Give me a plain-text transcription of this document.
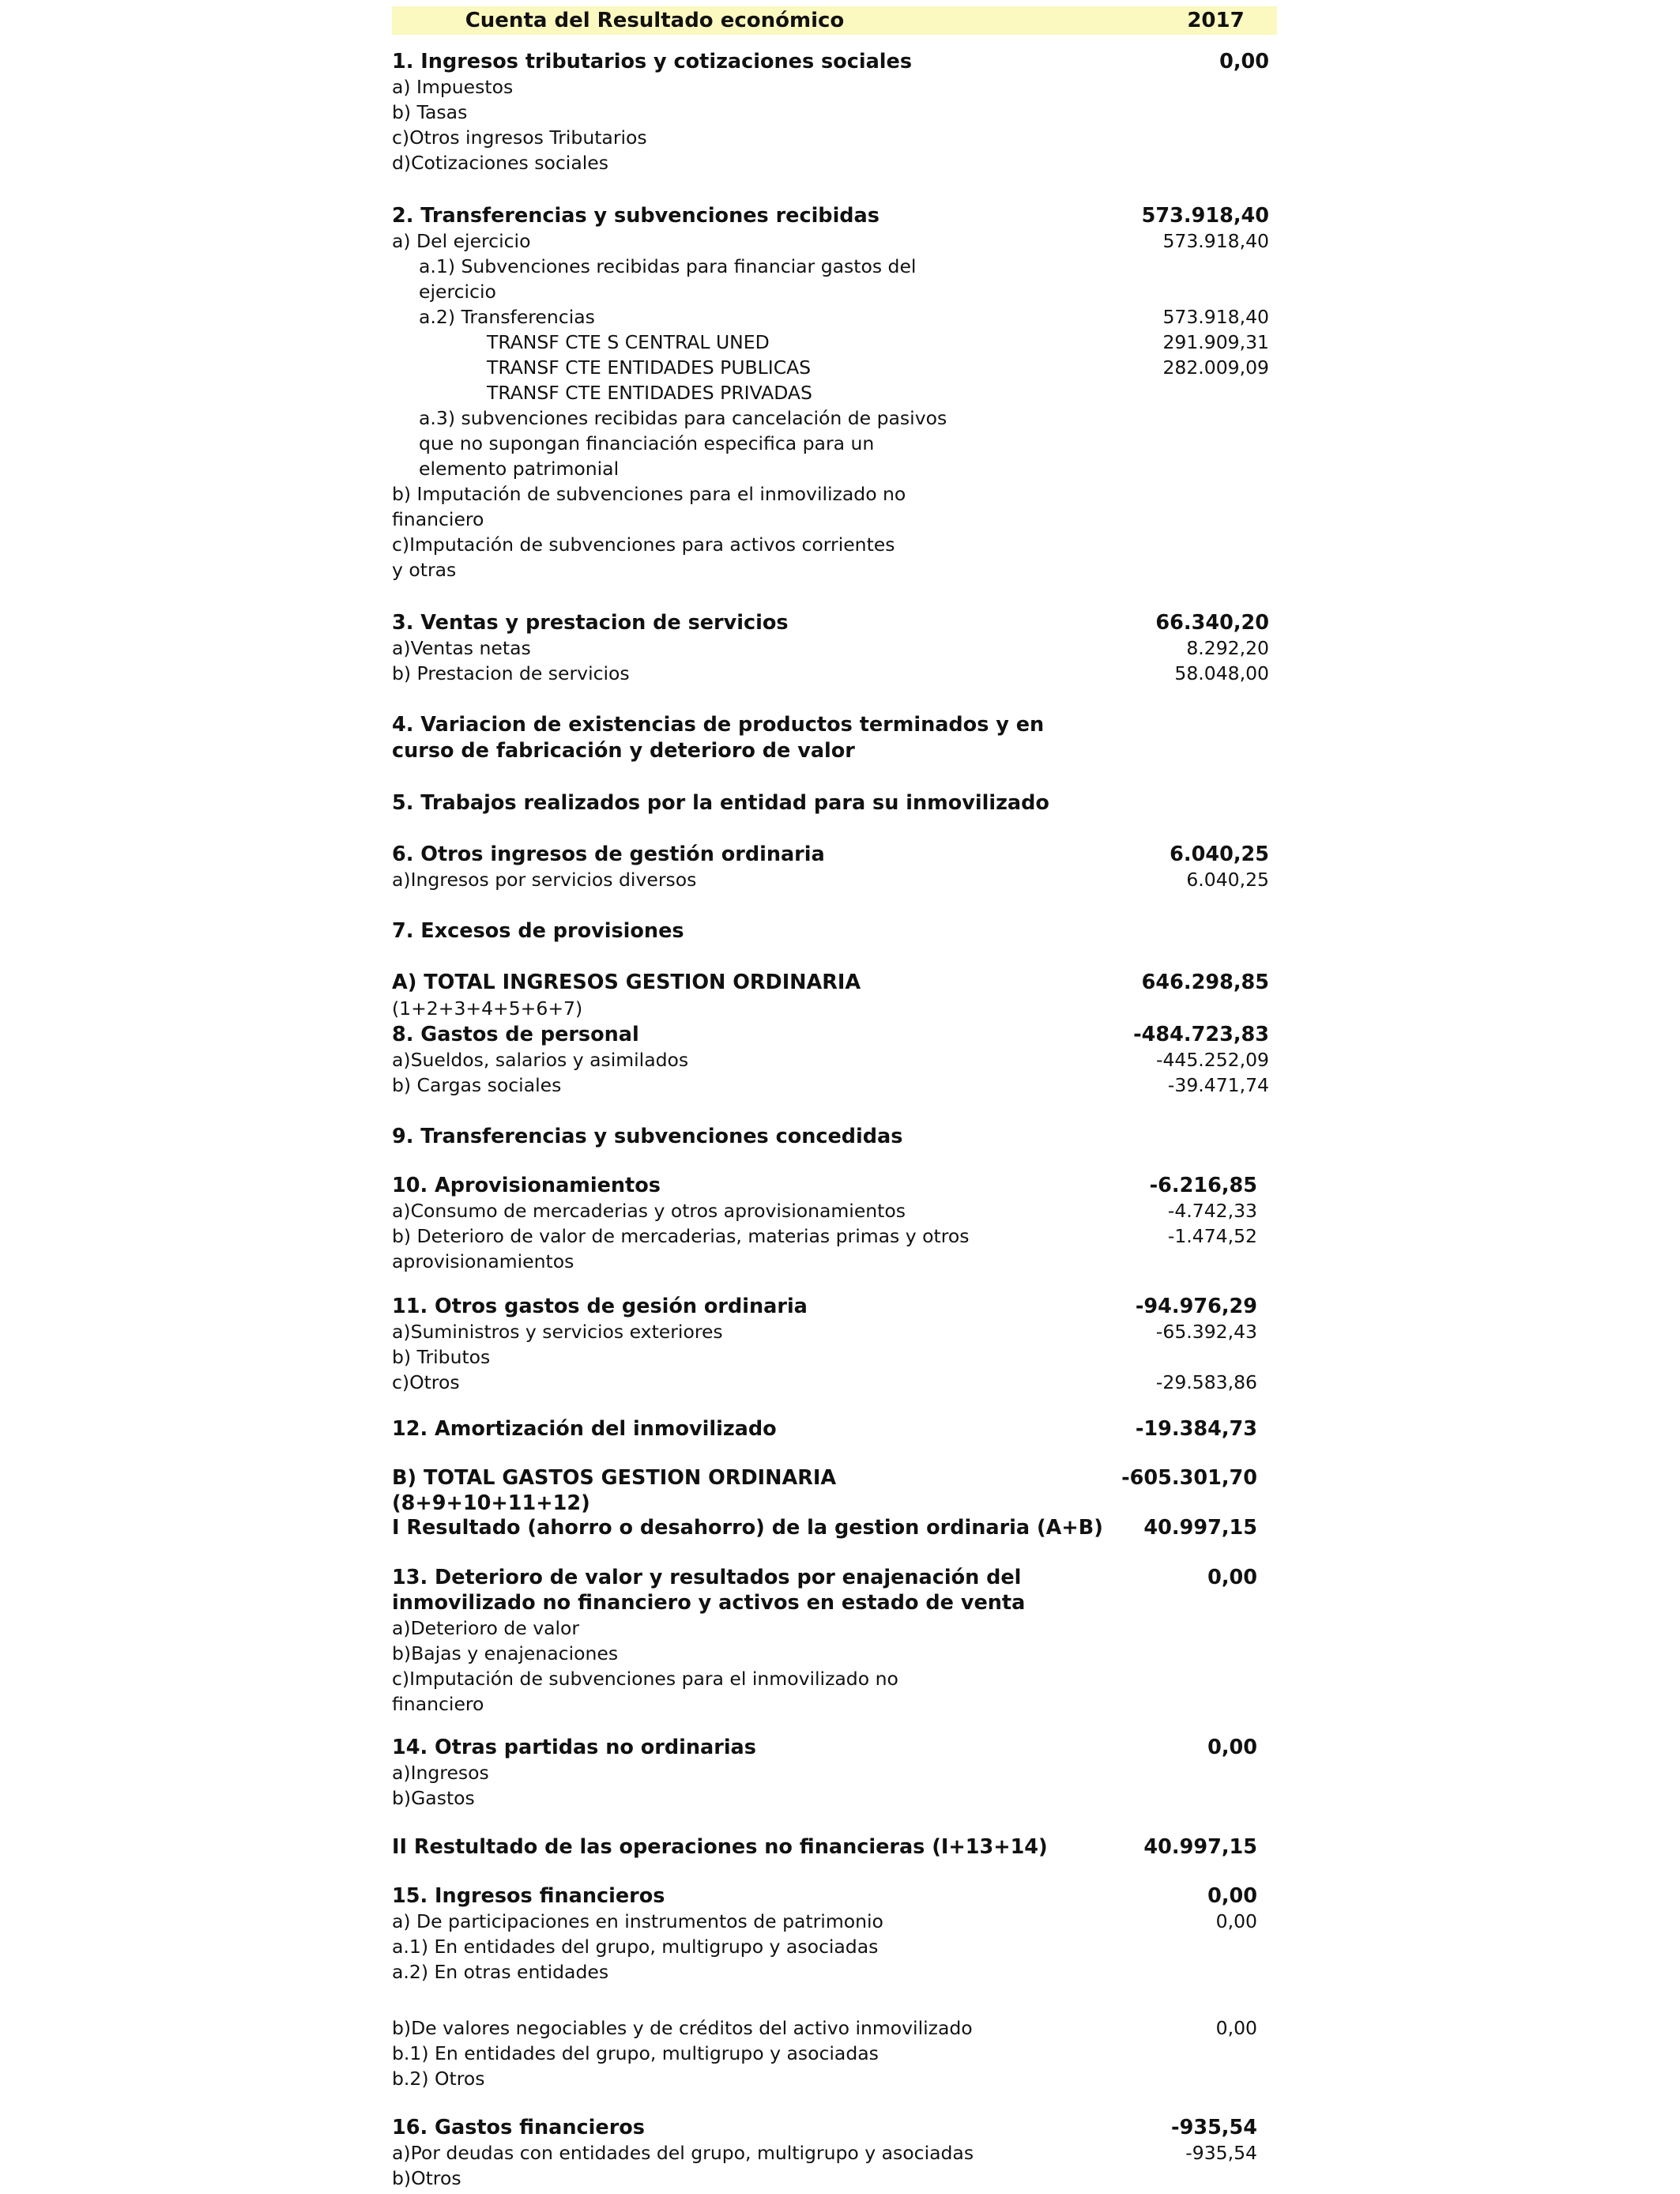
Cuenta del Resultado económico	2017
1. Ingresos tributarios y cotizaciones sociales	0,00
a) Impuestos
b) Tasas
c)Otros ingresos Tributarios
d)Cotizaciones sociales
2. Transferencias y subvenciones recibidas	573.918,40
a) Del ejercicio	573.918,40
a.1) Subvenciones recibidas para financiar gastos del
ejercicio
a.2) Transferencias	573.918,40
TRANSF CTE S CENTRAL UNED	291.909,31
TRANSF CTE ENTIDADES PUBLICAS	282.009,09
TRANSF CTE ENTIDADES PRIVADAS
a.3) subvenciones recibidas para cancelación de pasivos
que no supongan financiación especifica para un
elemento patrimonial
b) Imputación de subvenciones para el inmovilizado no
financiero
c)Imputación de subvenciones para activos corrientes
y otras
3. Ventas y prestacion de servicios	66.340,20
a)Ventas netas	8.292,20
b) Prestacion de servicios	58.048,00
4. Variacion de existencias de productos terminados y en
curso de fabricación y deterioro de valor
5. Trabajos realizados por la entidad para su inmovilizado
6. Otros ingresos de gestión ordinaria	6.040,25
a)Ingresos por servicios diversos	6.040,25
7. Excesos de provisiones
A) TOTAL INGRESOS GESTION ORDINARIA	646.298,85
(1+2+3+4+5+6+7)
8. Gastos de personal	-484.723,83
a)Sueldos, salarios y asimilados	-445.252,09
b) Cargas sociales	-39.471,74
9. Transferencias y subvenciones concedidas
10. Aprovisionamientos	-6.216,85
a)Consumo de mercaderias y otros aprovisionamientos	-4.742,33
b) Deterioro de valor de mercaderias, materias primas y otros	-1.474,52
aprovisionamientos
11. Otros gastos de gesión ordinaria	-94.976,29
a)Suministros y servicios exteriores	-65.392,43
b) Tributos
c)Otros	-29.583,86
12. Amortización del inmovilizado	-19.384,73
B) TOTAL GASTOS GESTION ORDINARIA	-605.301,70
(8+9+10+11+12)
I Resultado (ahorro o desahorro) de la gestion ordinaria (A+B) 40.997,15
13. Deterioro de valor y resultados por enajenación del	0,00
inmovilizado no financiero y activos en estado de venta
a)Deterioro de valor
b)Bajas y enajenaciones
c)Imputación de subvenciones para el inmovilizado no
financiero
14. Otras partidas no ordinarias	0,00
a)Ingresos
b)Gastos
II Restultado de las operaciones no financieras (I+13+14)	40.997,15
15. Ingresos financieros	0,00
a) De participaciones en instrumentos de patrimonio	0,00
a.1) En entidades del grupo, multigrupo y asociadas
a.2) En otras entidades
b)De valores negociables y de créditos del activo inmovilizado	0,00
b.1) En entidades del grupo, multigrupo y asociadas
b.2) Otros
16. Gastos financieros	-935,54
a)Por deudas con entidades del grupo, multigrupo y asociadas	-935,54
b)Otros
